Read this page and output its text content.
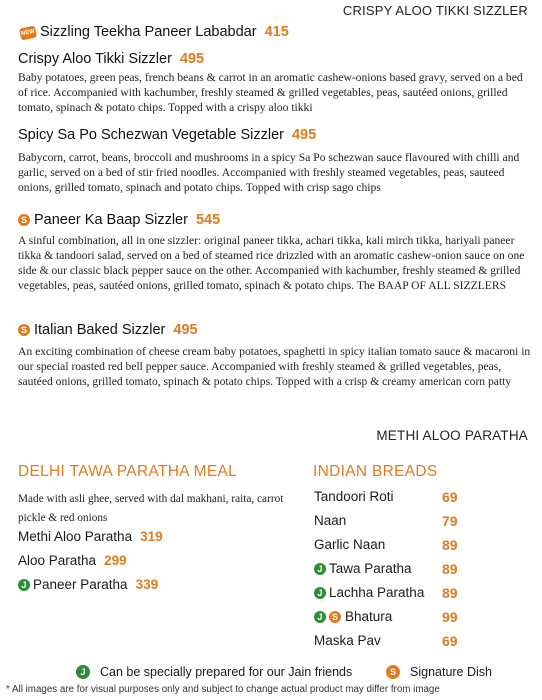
CRISPY ALOO TIKKI SIZZLER
NEW Sizzling Teekha Paneer Lababdar 415
Crispy Aloo Tikki Sizzler 495
Baby potatoes, green peas, french beans & carrot in an aromatic cashew-onions based gravy, served on a bed of rice. Accompanied with kachumber, freshly steamed & grilled vegetables, peas, sautéed onions, grilled tomato, spinach & potato chips. Topped with a crispy aloo tikki
Spicy Sa Po Schezwan Vegetable Sizzler 495
Babycorn, carrot, beans, broccoli and mushrooms in a spicy Sa Po schezwan sauce flavoured with chilli and garlic, served on a bed of stir fried noodles. Accompanied with freshly steamed vegetables, peas, sauteed onions, grilled tomato, spinach and potato chips. Topped with crisp sago chips
S Paneer Ka Baap Sizzler 545
A sinful combination, all in one sizzler: original paneer tikka, achari tikka, kali mirch tikka, hariyali paneer tikka & tandoori salad, served on a bed of steamed rice drizzled with an aromatic cashew-onion sauce on one side & our classic black pepper sauce on the other. Accompanied with kachumber, freshly steamed & grilled vegetables, peas, sautéed onions, grilled tomato, spinach & potato chips. The BAAP OF ALL SIZZLERS
S Italian Baked Sizzler 495
An exciting combination of cheese cream baby potatoes, spaghetti in spicy italian tomato sauce & macaroni in our special roasted red bell pepper sauce. Accompanied with freshly steamed & grilled vegetables, peas, sautéed onions, grilled tomato, spinach & potato chips. Topped with a crisp & creamy american corn patty
METHI ALOO PARATHA
DELHI TAWA PARATHA MEAL
Made with asli ghee, served with dal makhani, raita, carrot pickle & red onions
Methi Aloo Paratha 319
Aloo Paratha 299
J Paneer Paratha 339
INDIAN BREADS
Tandoori Roti	69
Naan	79
Garlic Naan	89
J Tawa Paratha 89
J Lachha Paratha 89
J S Bhatura	99
Maska Pav	69
J Can be specially prepared for our Jain friends	S Signature Dish
* All images are for visual purposes only and subject to change actual product may differ from image
